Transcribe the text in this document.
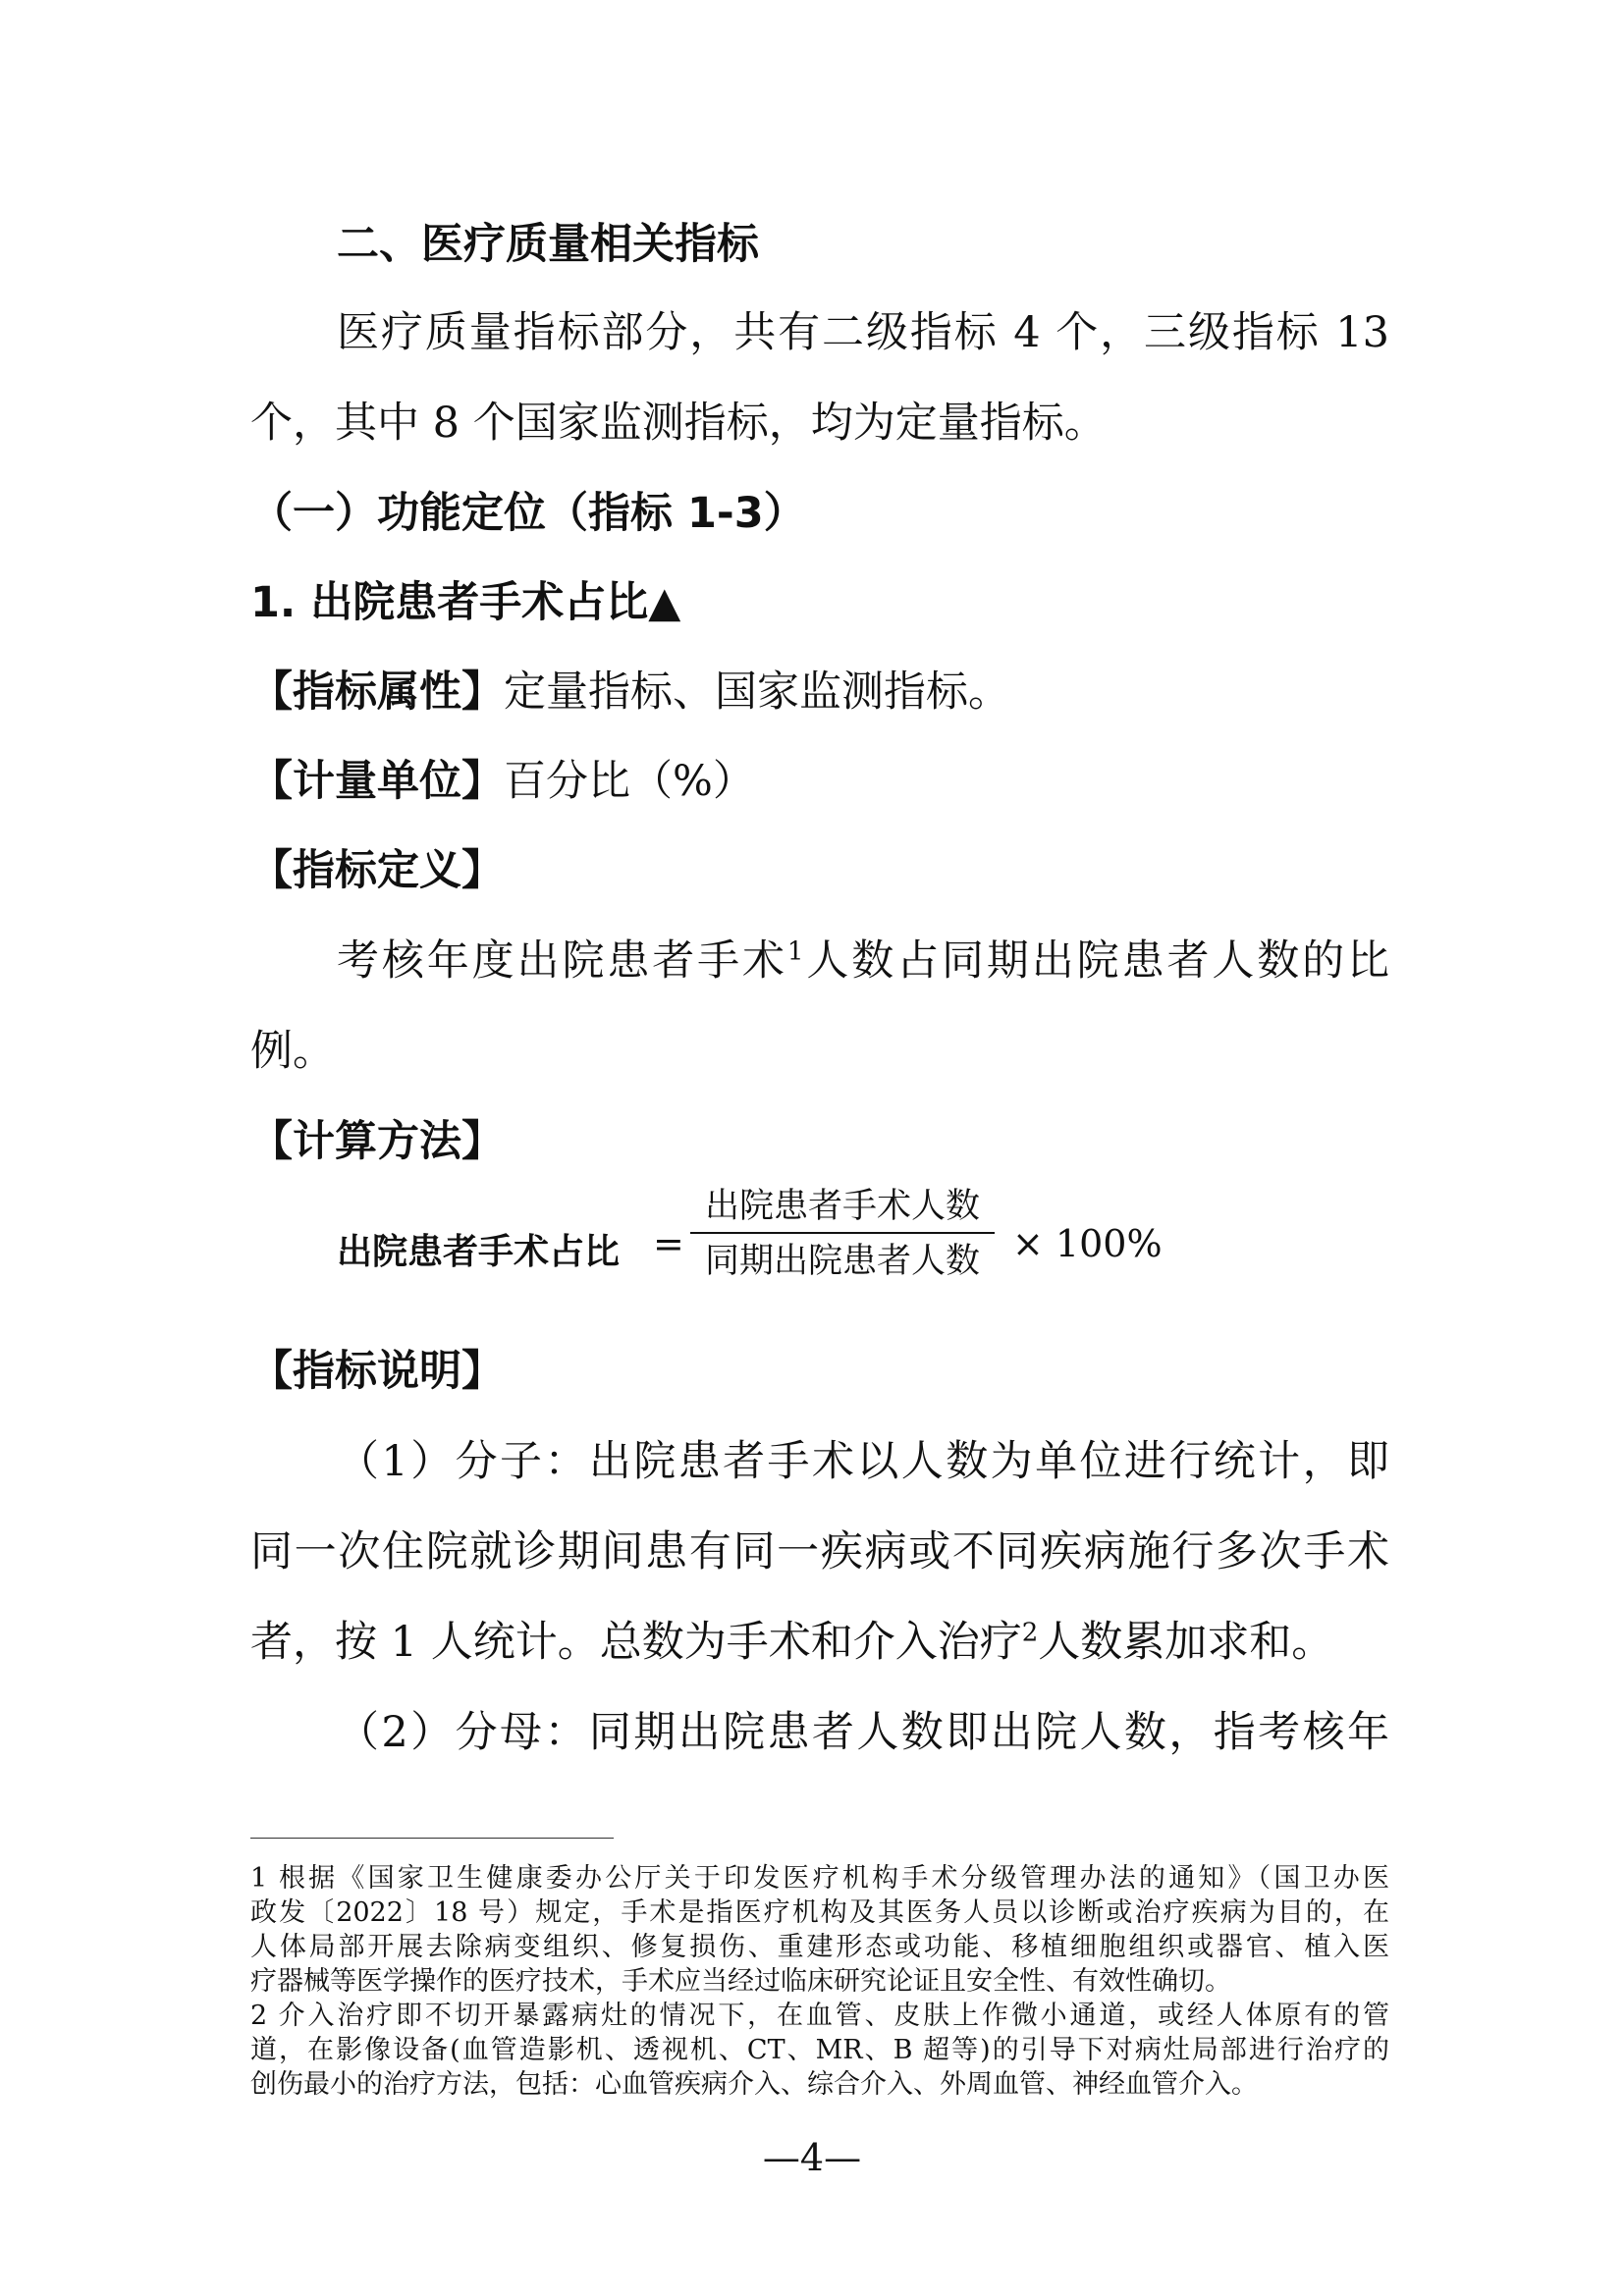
二、医疗质量相关指标
医疗质量指标部分，共有二级指标 4 个，三级指标 13
个，其中 8 个国家监测指标，均为定量指标。
（一）功能定位（指标 1-3）
1. 出院患者手术占比▲
【指标属性】定量指标、国家监测指标。
【计量单位】百分比（%）
【指标定义】
考核年度出院患者手术$^1$人数占同期出院患者人数的比
例。
【计算方法】
出院患者手术占比 =
出院患者手术人数
同期出院患者人数 × 100%
【指标说明】
（1）分子：出院患者手术以人数为单位进行统计，即
同一次住院就诊期间患有同一疾病或不同疾病施行多次手术
者，按 1 人统计。总数为手术和介入治疗$^2$人数累加求和。
（2）分母：同期出院患者人数即出院人数，指考核年
1 根据《国家卫生健康委办公厅关于印发医疗机构手术分级管理办法的通知》（国卫办医
政发〔2022〕18 号）规定，手术是指医疗机构及其医务人员以诊断或治疗疾病为目的，在
人体局部开展去除病变组织、修复损伤、重建形态或功能、移植细胞组织或器官、植入医
疗器械等医学操作的医疗技术，手术应当经过临床研究论证且安全性、有效性确切。
2 介入治疗即不切开暴露病灶的情况下，在血管、皮肤上作微小通道，或经人体原有的管
道，在影像设备(血管造影机、透视机、CT、MR、B 超等)的引导下对病灶局部进行治疗的
创伤最小的治疗方法，包括：心血管疾病介入、综合介入、外周血管、神经血管介入。
—4—
